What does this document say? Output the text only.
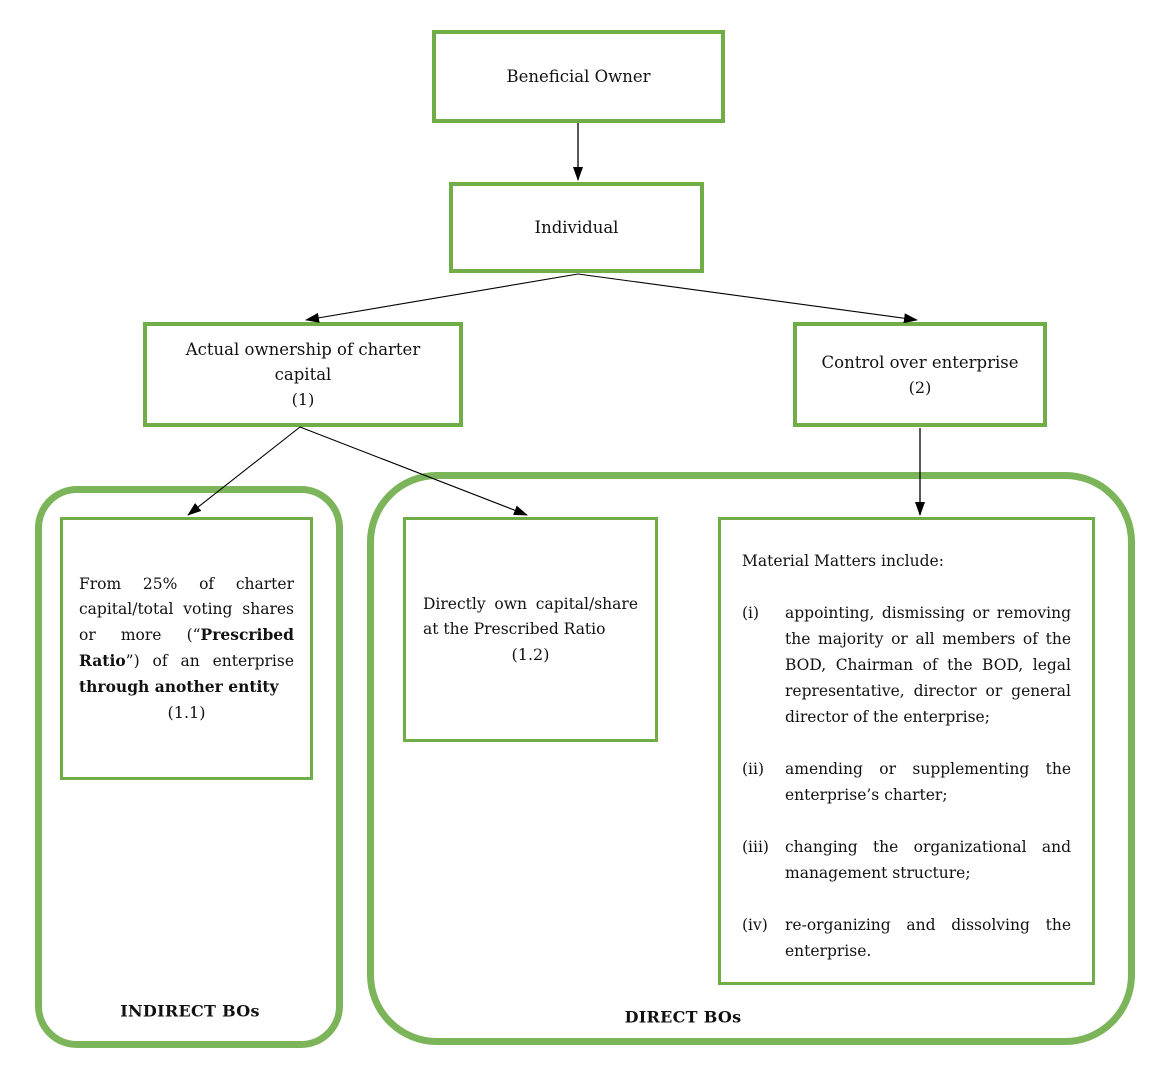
INDIRECT BOs	DIRECT BOs
Beneficial Owner
Individual
Actual ownership of charter capital
(1)
Control over enterprise
(2)
From 25% of charter capital/total voting shares or more (“Prescribed Ratio”) of an enterprise through another entity
(1.1)
Directly own capital/share at the Prescribed Ratio
(1.2)
Material Matters include:
(i)	appointing, dismissing or removing the majority or all members of the BOD, Chairman of the BOD, legal representative, director or general director of the enterprise;
(ii)	amending or supplementing the enterprise’s charter;
(iii)	changing the organizational and management structure;
(iv)	re-organizing and dissolving the enterprise.
